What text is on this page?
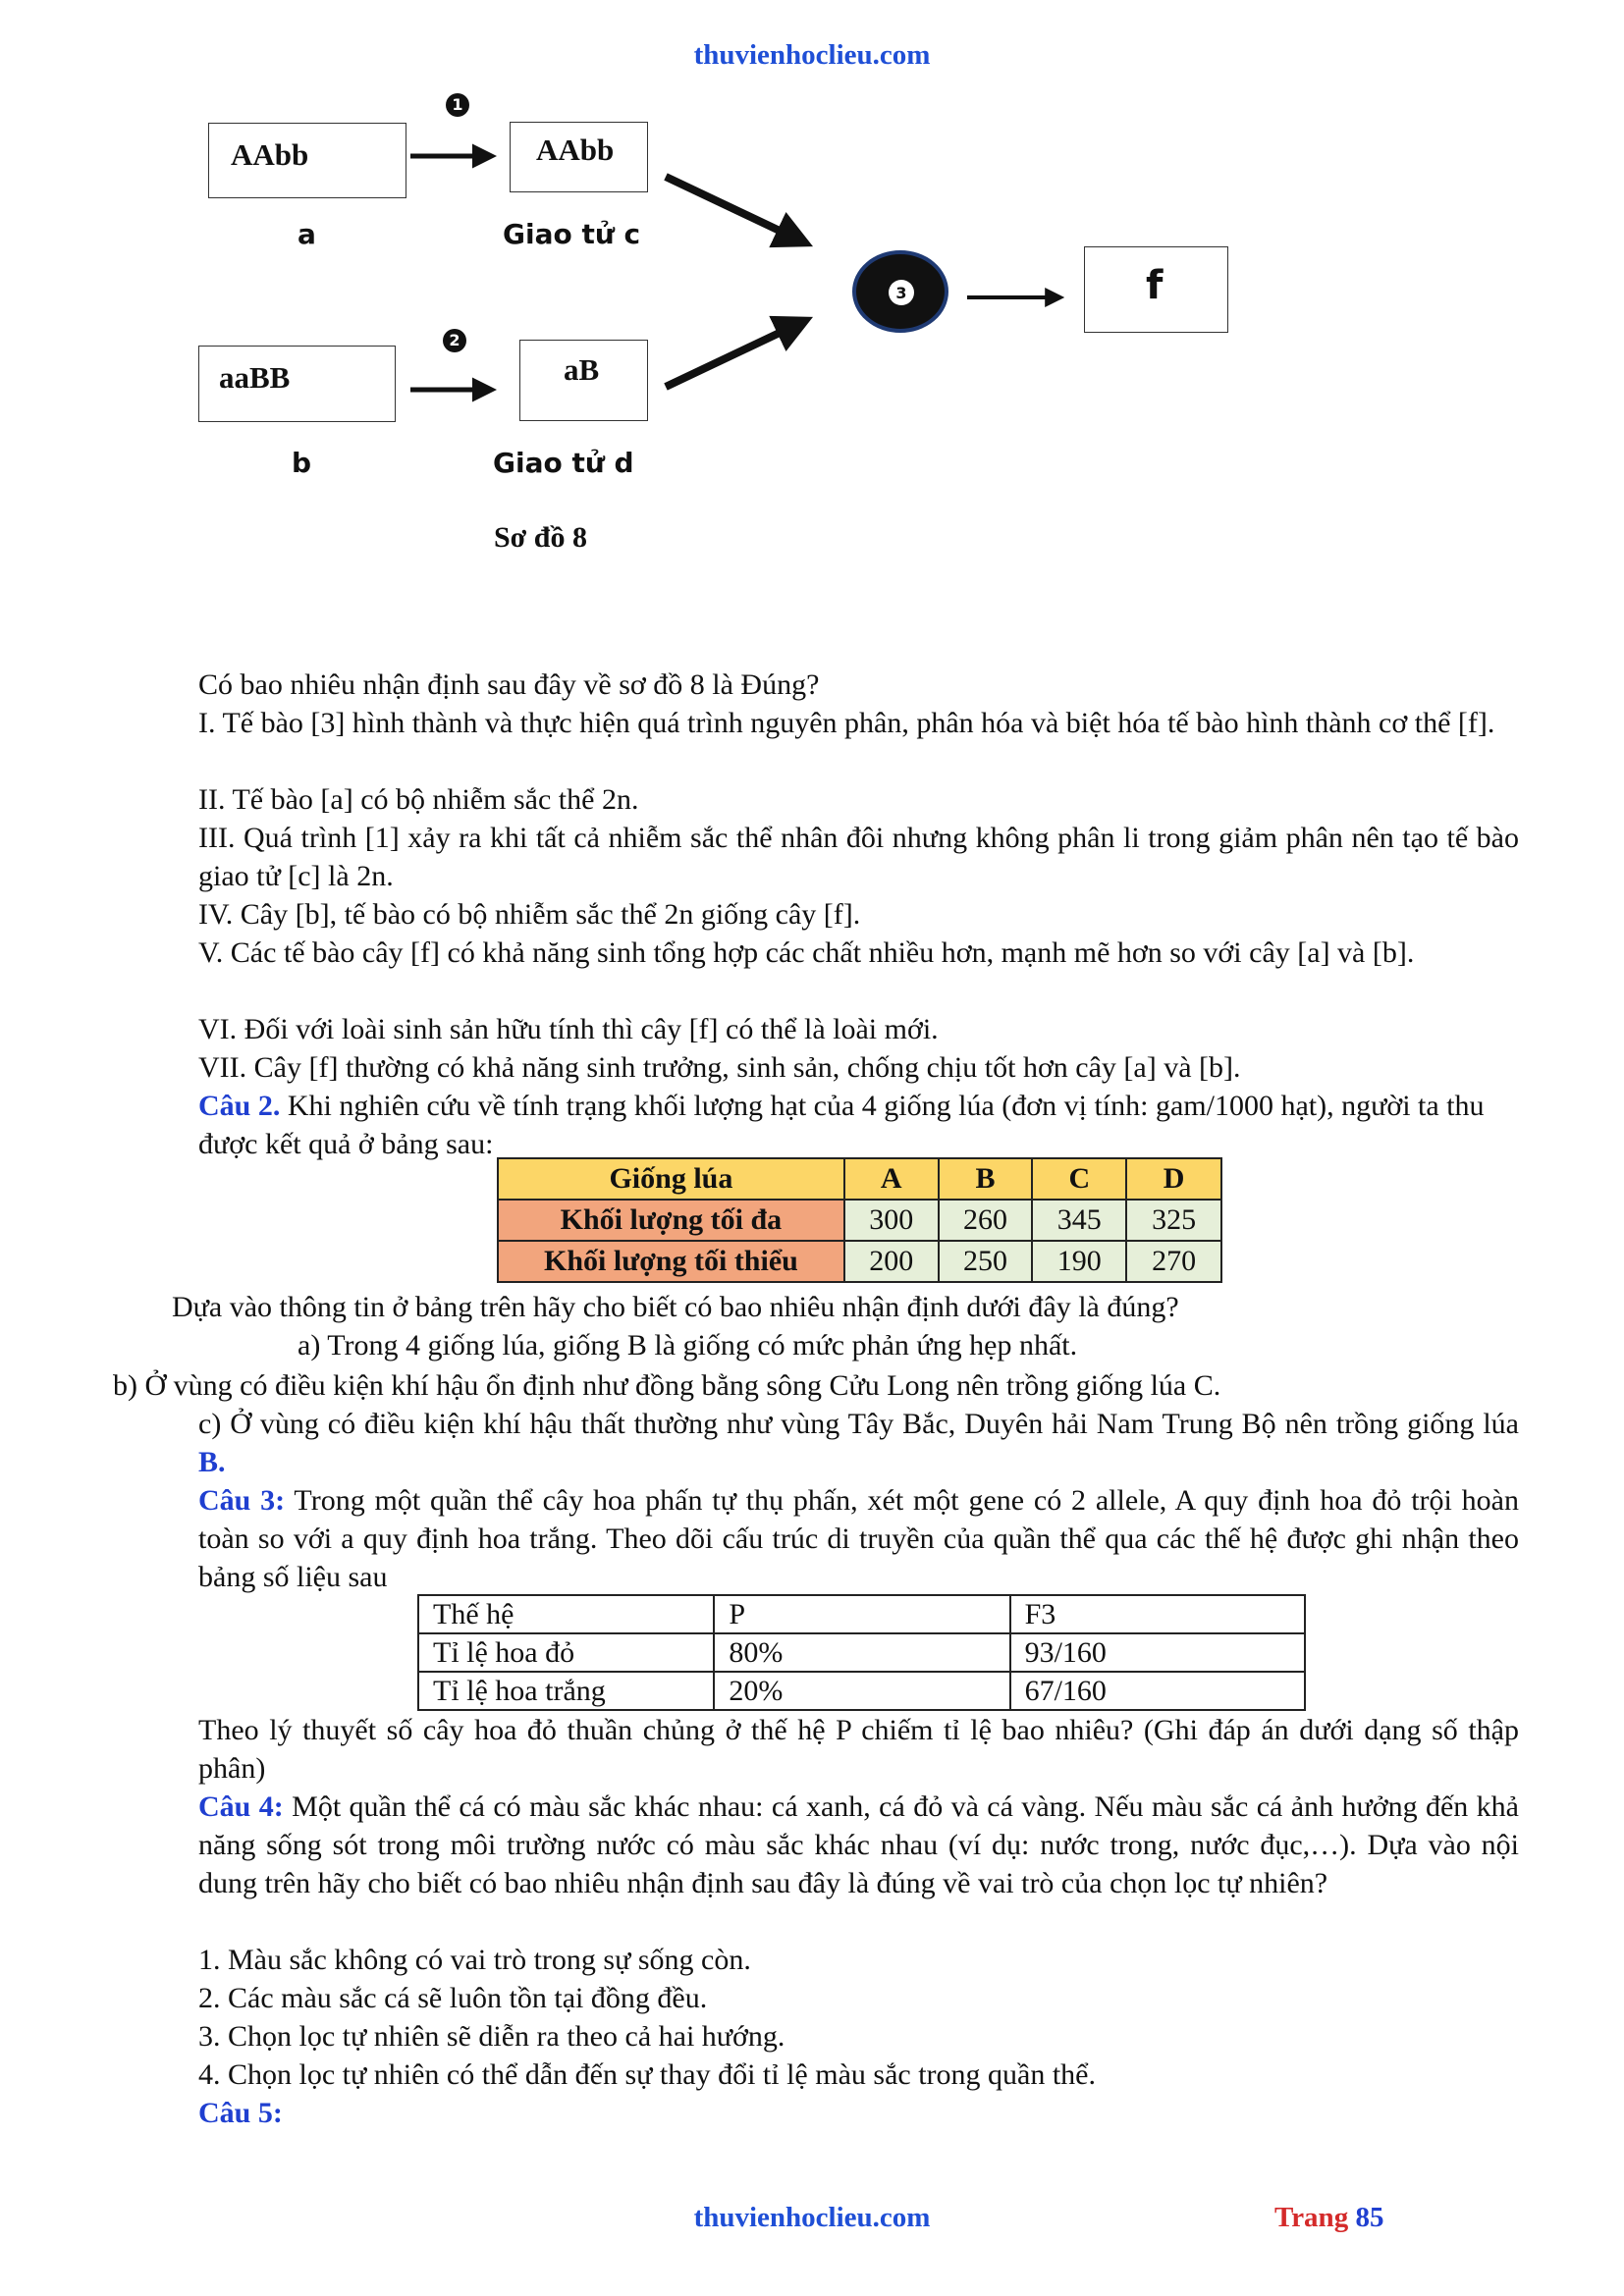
thuvienhoclieu.com
AAbb	AAbb
aaBB	aB
f
a	Giao tử c
b	Giao tử d
1
2
3
Sơ đồ 8
Có bao nhiêu nhận định sau đây về sơ đồ 8 là Đúng?
I. Tế bào [3] hình thành và thực hiện quá trình nguyên phân, phân hóa và biệt hóa tế bào hình thành cơ thể [f].
II. Tế bào [a] có bộ nhiễm sắc thể 2n.
III. Quá trình [1] xảy ra khi tất cả nhiễm sắc thể nhân đôi nhưng không phân li trong giảm phân nên tạo tế bào giao tử [c] là 2n.
IV. Cây [b], tế bào có bộ nhiễm sắc thể 2n giống cây [f].
V. Các tế bào cây [f] có khả năng sinh tổng hợp các chất nhiều hơn, mạnh mẽ hơn so với cây [a] và [b].
VI. Đối với loài sinh sản hữu tính thì cây [f] có thể là loài mới.
VII. Cây [f] thường có khả năng sinh trưởng, sinh sản, chống chịu tốt hơn cây [a] và [b].
Câu 2. Khi nghiên cứu về tính trạng khối lượng hạt của 4 giống lúa (đơn vị tính: gam/1000 hạt), người ta thu được kết quả ở bảng sau:
Giống lúa	A	B	C	D
Khối lượng tối đa	300	260	345	325
Khối lượng tối thiểu	200	250	190	270
Dựa vào thông tin ở bảng trên hãy cho biết có bao nhiêu nhận định dưới đây là đúng?
a) Trong 4 giống lúa, giống B là giống có mức phản ứng hẹp nhất.
b) Ở vùng có điều kiện khí hậu ổn định như đồng bằng sông Cửu Long nên trồng giống lúa C.
c) Ở vùng có điều kiện khí hậu thất thường như vùng Tây Bắc, Duyên hải Nam Trung Bộ nên trồng giống lúa B.
Câu 3: Trong một quần thể cây hoa phấn tự thụ phấn, xét một gene có 2 allele, A quy định hoa đỏ trội hoàn toàn so với a quy định hoa trắng. Theo dõi cấu trúc di truyền của quần thể qua các thế hệ được ghi nhận theo bảng số liệu sau
Thế hệ	P	F3
Tỉ lệ hoa đỏ	80%	93/160
Tỉ lệ hoa trắng	20%	67/160
Theo lý thuyết số cây hoa đỏ thuần chủng ở thế hệ P chiếm tỉ lệ bao nhiêu? (Ghi đáp án dưới dạng số thập phân)
Câu 4: Một quần thể cá có màu sắc khác nhau: cá xanh, cá đỏ và cá vàng. Nếu màu sắc cá ảnh hưởng đến khả năng sống sót trong môi trường nước có màu sắc khác nhau (ví dụ: nước trong, nước đục,…). Dựa vào nội dung trên hãy cho biết có bao nhiêu nhận định sau đây là đúng về vai trò của chọn lọc tự nhiên?
1. Màu sắc không có vai trò trong sự sống còn.
2. Các màu sắc cá sẽ luôn tồn tại đồng đều.
3. Chọn lọc tự nhiên sẽ diễn ra theo cả hai hướng.
4. Chọn lọc tự nhiên có thể dẫn đến sự thay đổi tỉ lệ màu sắc trong quần thể.
Câu 5:
thuvienhoclieu.com	Trang 85
